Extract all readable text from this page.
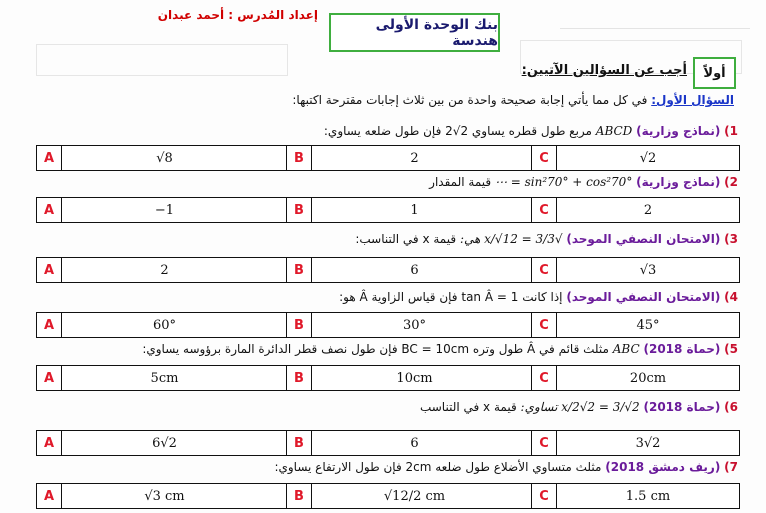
إعداد المُدرس : أحمد عبدان
بنك الوحدة الأولى هندسة
أولاً
أجب عن السؤالين الآتيين:
السؤال الأول: في كل مما يأتي إجابة صحيحة واحدة من بين ثلاث إجابات مقترحة اكتبها:
1) (نماذج وزارية) ABCD مربع طول قطره يساوي 2√2 فإن طول ضلعه يساوي:
A	√8	B	2	C	√2
2) (نماذج وزارية) sin²70° + cos²70° = ⋯ قيمة المقدار
A	−1	B	1	C	2
3) (الامتحان النصفي الموحد) √3/3 = x/√12 هي: قيمة x في التناسب:
A	2	B	6	C	√3
4) (الامتحان النصفي الموحد) إذا كانت tan Â = 1 فإن قياس الزاوية Â هو:
A	60°	B	30°	C	45°
5) (حماة 2018) ABC مثلث قائم في Â طول وتره BC = 10cm فإن طول نصف قطر الدائرة المارة برؤوسه يساوي:
A	5cm	B	10cm	C	20cm
6) (حماة 2018) x/2√2 = 3/√2 تساوي: قيمة x في التناسب
A	6√2	B	6	C	3√2
7) (ريف دمشق 2018) مثلث متساوي الأضلاع طول ضلعه 2cm فإن طول الارتفاع يساوي:
A	√3 cm	B	√12/2 cm	C	1.5 cm
